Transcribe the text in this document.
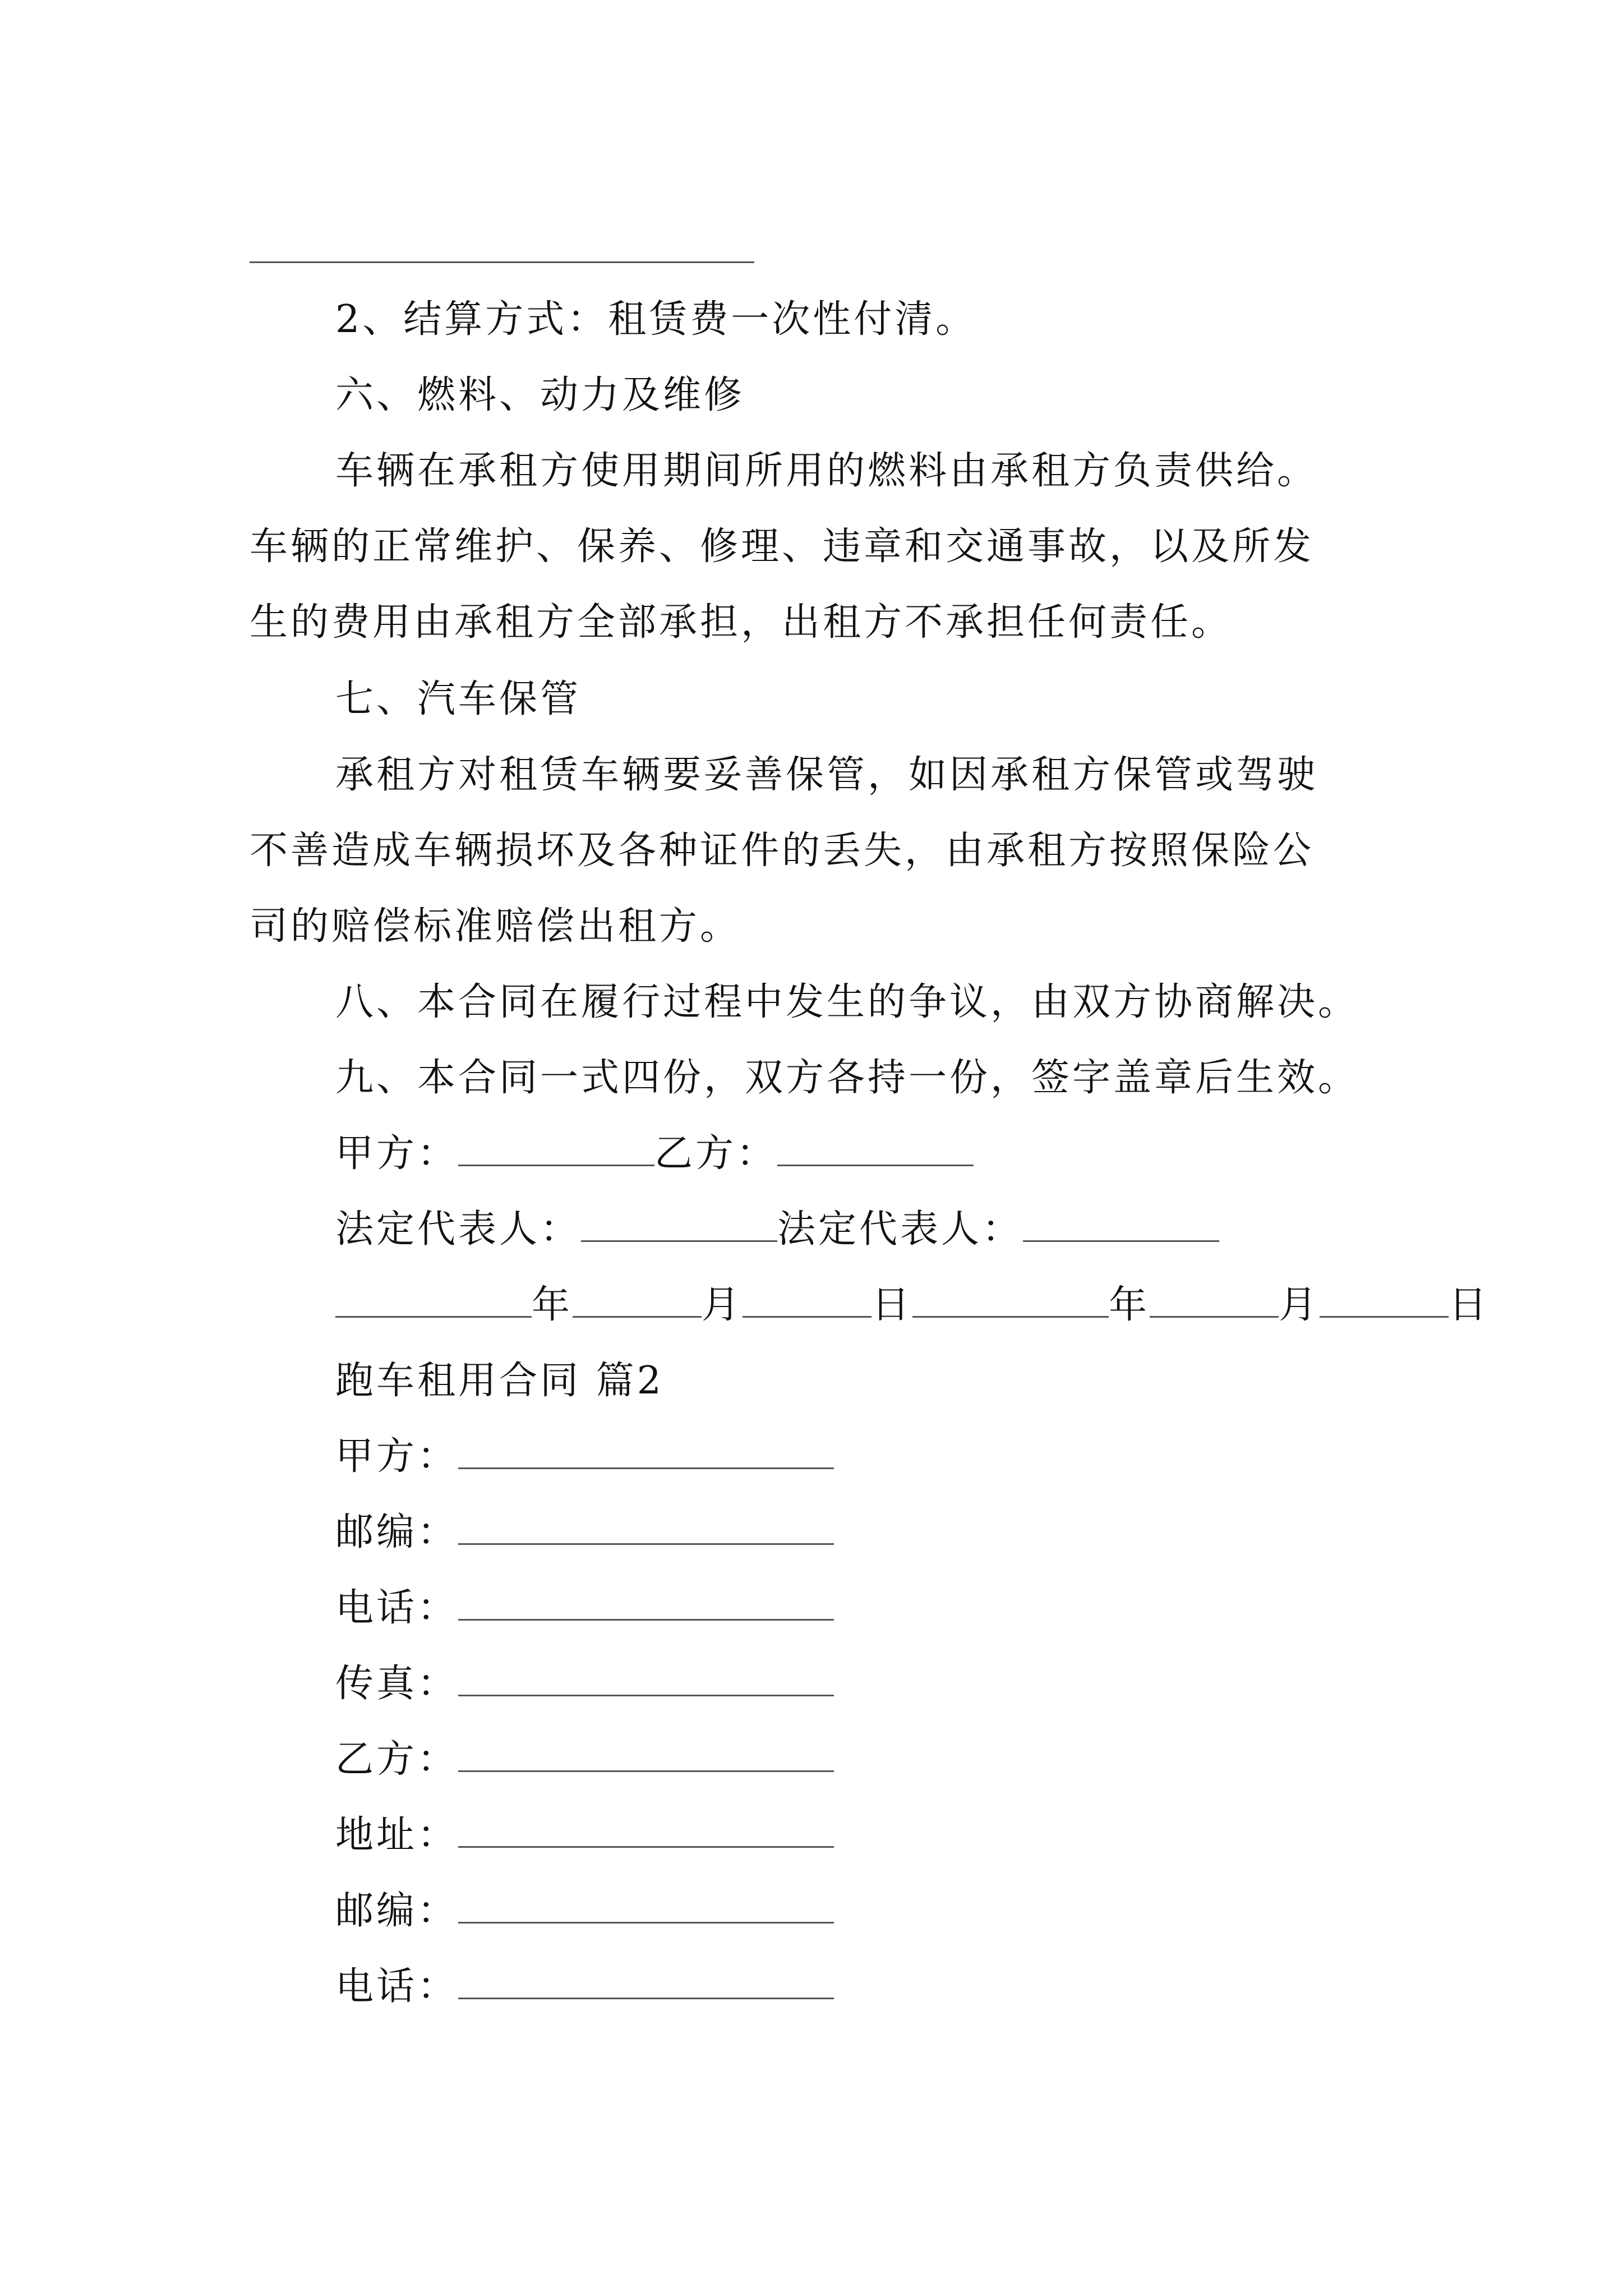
2、结算方式：租赁费一次性付清。
六、燃料、动力及维修
车辆在承租方使用期间所用的燃料由承租方负责供给。
车辆的正常维护、保养、修理、违章和交通事故，以及所发
生的费用由承租方全部承担，出租方不承担任何责任。
七、汽车保管
承租方对租赁车辆要妥善保管，如因承租方保管或驾驶
不善造成车辆损坏及各种证件的丢失，由承租方按照保险公
司的赔偿标准赔偿出租方。
八、本合同在履行过程中发生的争议，由双方协商解决。
九、本合同一式四份，双方各持一份，签字盖章后生效。
甲方：	乙方：
法定代表人：	法定代表人：
年	月	日	年	月	日
跑车租用合同 篇2
甲方：
邮编：
电话：
传真：
乙方：
地址：
邮编：
电话：
